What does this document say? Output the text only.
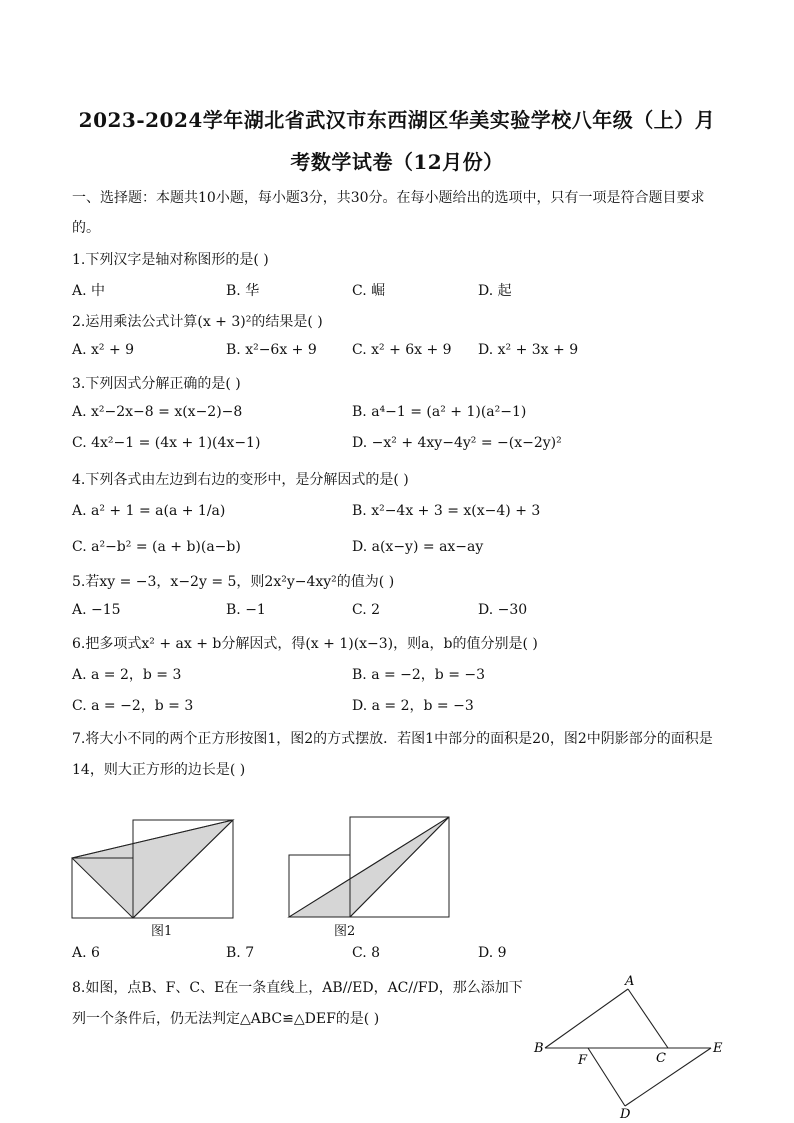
2023-2024学年湖北省武汉市东西湖区华美实验学校八年级（上）月
考数学试卷（12月份）
一、选择题：本题共10小题，每小题3分，共30分。在每小题给出的选项中，只有一项是符合题目要求
的。
1.下列汉字是轴对称图形的是( )
A. 中	B. 华	C. 崛	D. 起
2.运用乘法公式计算(x + 3)²的结果是( )
A. x² + 9	B. x²−6x + 9	C. x² + 6x + 9 D. x² + 3x + 9
3.下列因式分解正确的是( )
A. x²−2x−8 = x(x−2)−8	B. a⁴−1 = (a² + 1)(a²−1)
C. 4x²−1 = (4x + 1)(4x−1)	D. −x² + 4xy−4y² = −(x−2y)²
4.下列各式由左边到右边的变形中，是分解因式的是( )
A. a² + 1 = a(a + 1/a)	B. x²−4x + 3 = x(x−4) + 3
C. a²−b² = (a + b)(a−b)	D. a(x−y) = ax−ay
5.若xy = −3，x−2y = 5，则2x²y−4xy²的值为( )
A. −15	B. −1	C. 2	D. −30
6.把多项式x² + ax + b分解因式，得(x + 1)(x−3)，则a，b的值分别是( )
A. a = 2，b = 3	B. a = −2，b = −3
C. a = −2，b = 3	D. a = 2，b = −3
7.将大小不同的两个正方形按图1，图2的方式摆放．若图1中部分的面积是20，图2中阴影部分的面积是
14，则大正方形的边长是( )
图1	图2
A. 6	B. 7	C. 8	D. 9
8.如图，点B、F、C、E在一条直线上，AB//ED，AC//FD，那么添加下
列一个条件后，仍无法判定△ABC≌△DEF的是( )
A
B
C
E
F
D
